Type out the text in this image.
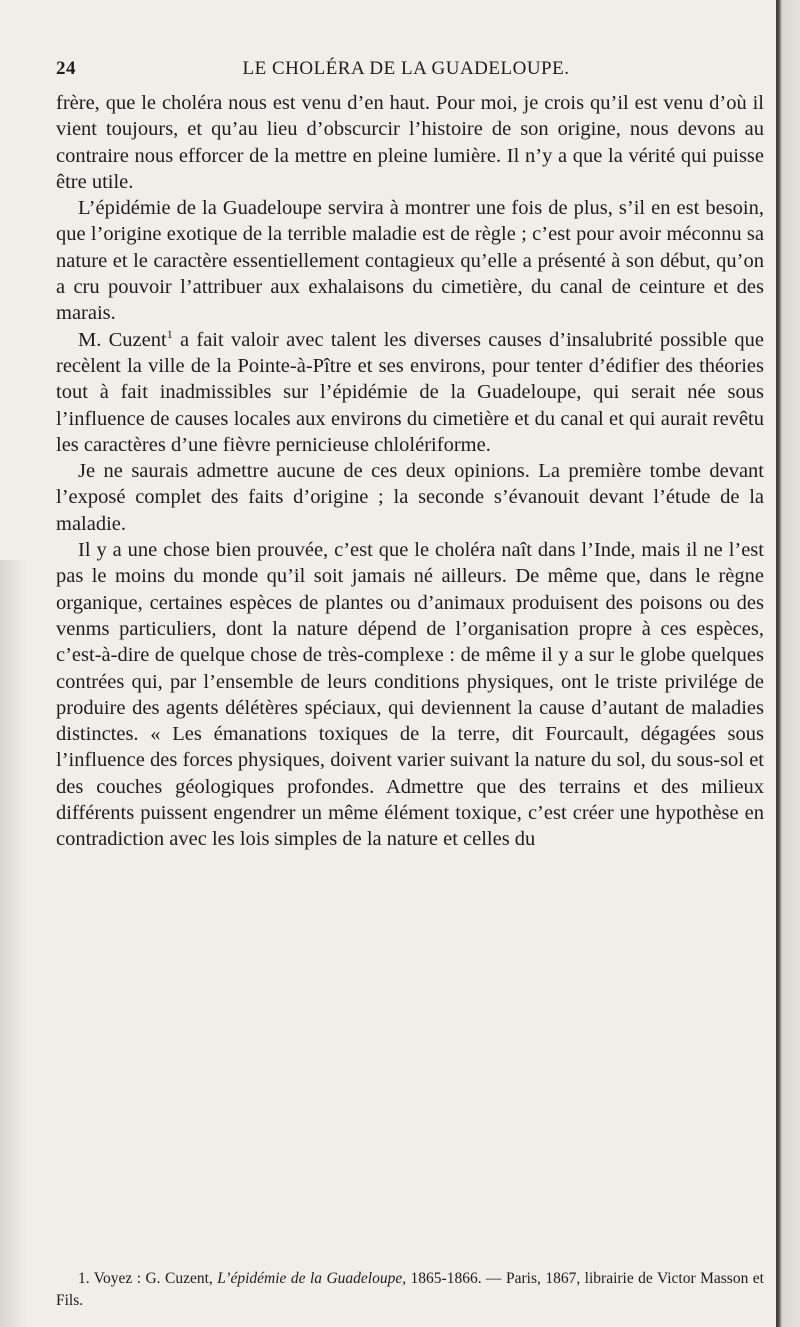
24	LE CHOLÉRA DE LA GUADELOUPE.

frère, que le choléra nous est venu d’en haut. Pour moi, je crois qu’il est venu d’où il vient toujours, et qu’au lieu d’obscurcir l’histoire de son origine, nous devons au contraire nous efforcer de la mettre en pleine lumière. Il n’y a que la vérité qui puisse être utile.

L’épidémie de la Guadeloupe servira à montrer une fois de plus, s’il en est besoin, que l’origine exotique de la terrible maladie est de règle ; c’est pour avoir méconnu sa nature et le caractère essentiellement contagieux qu’elle a présenté à son début, qu’on a cru pouvoir l’attribuer aux exhalaisons du cimetière, du canal de ceinture et des marais.

M. Cuzent$^1$ a fait valoir avec talent les diverses causes d’insalubrité possible que recèlent la ville de la Pointe-à-Pître et ses environs, pour tenter d’édifier des théories tout à fait inadmissibles sur l’épidémie de la Guadeloupe, qui serait née sous l’influence de causes locales aux environs du cimetière et du canal et qui aurait revêtu les caractères d’une fièvre pernicieuse chlolériforme.

Je ne saurais admettre aucune de ces deux opinions. La première tombe devant l’exposé complet des faits d’origine ; la seconde s’évanouit devant l’étude de la maladie.

Il y a une chose bien prouvée, c’est que le choléra naît dans l’Inde, mais il ne l’est pas le moins du monde qu’il soit jamais né ailleurs. De même que, dans le règne organique, certaines espèces de plantes ou d’animaux produisent des poisons ou des venms particuliers, dont la nature dépend de l’organisation propre à ces espèces, c’est-à-dire de quelque chose de très-complexe : de même il y a sur le globe quelques contrées qui, par l’ensemble de leurs conditions physiques, ont le triste privilége de produire des agents délétères spéciaux, qui deviennent la cause d’autant de maladies distinctes. « Les émanations toxiques de la terre, dit Fourcault, dégagées sous l’influence des forces physiques, doivent varier suivant la nature du sol, du sous-sol et des couches géologiques profondes. Admettre que des terrains et des milieux différents puissent engendrer un même élément toxique, c’est créer une hypothèse en contradiction avec les lois simples de la nature et celles du

1. Voyez : G. Cuzent, L’épidémie de la Guadeloupe, 1865-1866. — Paris, 1867, librairie de Victor Masson et Fils.
